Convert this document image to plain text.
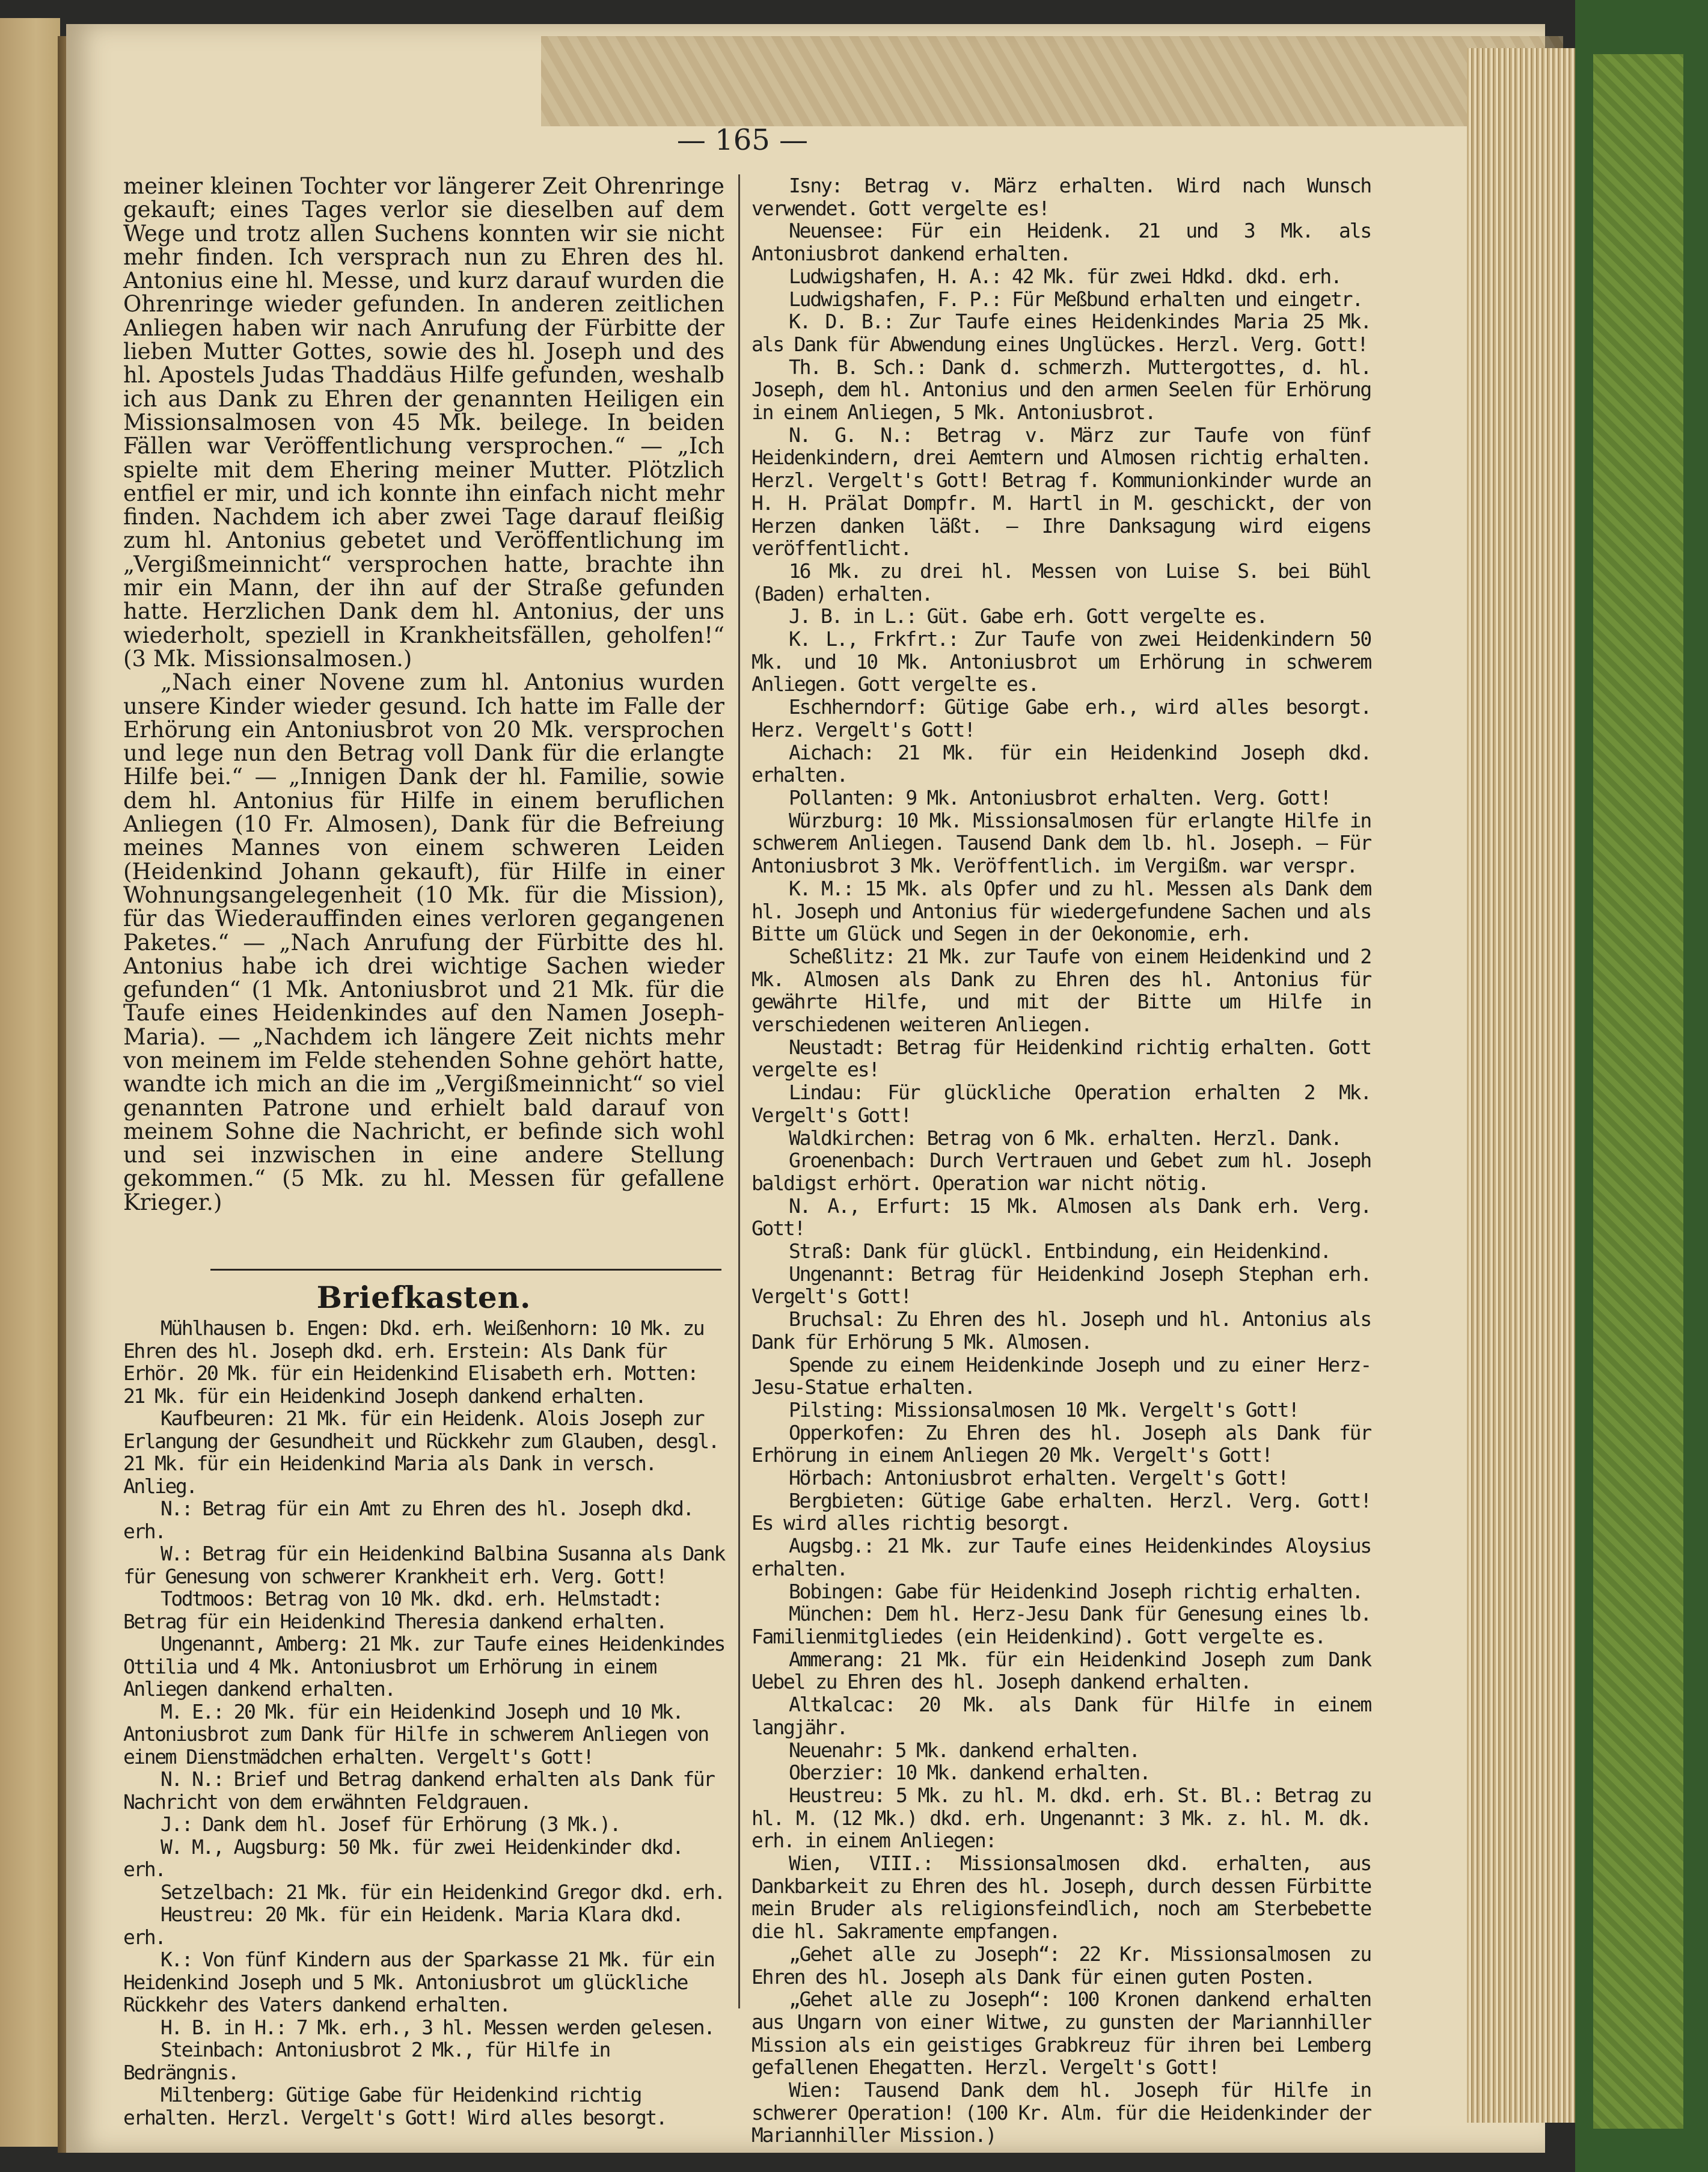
— 165 —

meiner kleinen Tochter vor längerer Zeit Ohrenringe gekauft; eines Tages verlor sie dieselben auf dem Wege und trotz allen Suchens konnten wir sie nicht mehr finden. Ich versprach nun zu Ehren des hl. Antonius eine hl. Messe, und kurz darauf wurden die Ohrenringe wieder gefunden. In anderen zeitlichen Anliegen haben wir nach Anrufung der Fürbitte der lieben Mutter Gottes, sowie des hl. Joseph und des hl. Apostels Judas Thaddäus Hilfe gefunden, weshalb ich aus Dank zu Ehren der genannten Heiligen ein Missionsalmosen von 45 Mk. beilege. In beiden Fällen war Veröffentlichung versprochen.“ — „Ich spielte mit dem Ehering meiner Mutter. Plötzlich entfiel er mir, und ich konnte ihn einfach nicht mehr finden. Nachdem ich aber zwei Tage darauf fleißig zum hl. Antonius gebetet und Veröffentlichung im „Vergißmeinnicht“ versprochen hatte, brachte ihn mir ein Mann, der ihn auf der Straße gefunden hatte. Herzlichen Dank dem hl. Antonius, der uns wiederholt, speziell in Krankheitsfällen, geholfen!“ (3 Mk. Missionsalmosen.)

„Nach einer Novene zum hl. Antonius wurden unsere Kinder wieder gesund. Ich hatte im Falle der Erhörung ein Antoniusbrot von 20 Mk. versprochen und lege nun den Betrag voll Dank für die erlangte Hilfe bei.“ — „Innigen Dank der hl. Familie, sowie dem hl. Antonius für Hilfe in einem beruflichen Anliegen (10 Fr. Almosen), Dank für die Befreiung meines Mannes von einem schweren Leiden (Heidenkind Johann gekauft), für Hilfe in einer Wohnungsangelegenheit (10 Mk. für die Mission), für das Wiederauffinden eines verloren gegangenen Paketes.“ — „Nach Anrufung der Fürbitte des hl. Antonius habe ich drei wichtige Sachen wieder gefunden“ (1 Mk. Antoniusbrot und 21 Mk. für die Taufe eines Heidenkindes auf den Namen Joseph-Maria). — „Nachdem ich längere Zeit nichts mehr von meinem im Felde stehenden Sohne gehört hatte, wandte ich mich an die im „Vergißmeinnicht“ so viel genannten Patrone und erhielt bald darauf von meinem Sohne die Nachricht, er befinde sich wohl und sei inzwischen in eine andere Stellung gekommen.“ (5 Mk. zu hl. Messen für gefallene Krieger.)

Briefkasten.

Mühlhausen b. Engen: Dkd. erh. Weißenhorn: 10 Mk. zu Ehren des hl. Joseph dkd. erh. Erstein: Als Dank für Erhör. 20 Mk. für ein Heidenkind Elisabeth erh. Motten: 21 Mk. für ein Heidenkind Joseph dankend erhalten.

Kaufbeuren: 21 Mk. für ein Heidenk. Alois Joseph zur Erlangung der Gesundheit und Rückkehr zum Glauben, desgl. 21 Mk. für ein Heidenkind Maria als Dank in versch. Anlieg.

N.: Betrag für ein Amt zu Ehren des hl. Joseph dkd. erh.

W.: Betrag für ein Heidenkind Balbina Susanna als Dank für Genesung von schwerer Krankheit erh. Verg. Gott!

Todtmoos: Betrag von 10 Mk. dkd. erh. Helmstadt: Betrag für ein Heidenkind Theresia dankend erhalten.

Ungenannt, Amberg: 21 Mk. zur Taufe eines Heidenkindes Ottilia und 4 Mk. Antoniusbrot um Erhörung in einem Anliegen dankend erhalten.

M. E.: 20 Mk. für ein Heidenkind Joseph und 10 Mk. Antoniusbrot zum Dank für Hilfe in schwerem Anliegen von einem Dienstmädchen erhalten. Vergelt's Gott!

N. N.: Brief und Betrag dankend erhalten als Dank für Nachricht von dem erwähnten Feldgrauen.

J.: Dank dem hl. Josef für Erhörung (3 Mk.).

W. M., Augsburg: 50 Mk. für zwei Heidenkinder dkd. erh.

Setzelbach: 21 Mk. für ein Heidenkind Gregor dkd. erh.

Heustreu: 20 Mk. für ein Heidenk. Maria Klara dkd. erh.

K.: Von fünf Kindern aus der Sparkasse 21 Mk. für ein Heidenkind Joseph und 5 Mk. Antoniusbrot um glückliche Rückkehr des Vaters dankend erhalten.

H. B. in H.: 7 Mk. erh., 3 hl. Messen werden gelesen.

Steinbach: Antoniusbrot 2 Mk., für Hilfe in Bedrängnis.

Miltenberg: Gütige Gabe für Heidenkind richtig erhalten. Herzl. Vergelt's Gott! Wird alles besorgt.

Isny: Betrag v. März erhalten. Wird nach Wunsch verwendet. Gott vergelte es!

Neuensee: Für ein Heidenk. 21 und 3 Mk. als Antoniusbrot dankend erhalten.

Ludwigshafen, H. A.: 42 Mk. für zwei Hdkd. dkd. erh.

Ludwigshafen, F. P.: Für Meßbund erhalten und eingetr.

K. D. B.: Zur Taufe eines Heidenkindes Maria 25 Mk. als Dank für Abwendung eines Unglückes. Herzl. Verg. Gott!

Th. B. Sch.: Dank d. schmerzh. Muttergottes, d. hl. Joseph, dem hl. Antonius und den armen Seelen für Erhörung in einem Anliegen, 5 Mk. Antoniusbrot.

N. G. N.: Betrag v. März zur Taufe von fünf Heidenkindern, drei Aemtern und Almosen richtig erhalten. Herzl. Vergelt's Gott! Betrag f. Kommunionkinder wurde an H. H. Prälat Dompfr. M. Hartl in M. geschickt, der von Herzen danken läßt. — Ihre Danksagung wird eigens veröffentlicht.

16 Mk. zu drei hl. Messen von Luise S. bei Bühl (Baden) erhalten.

J. B. in L.: Güt. Gabe erh. Gott vergelte es.

K. L., Frkfrt.: Zur Taufe von zwei Heidenkindern 50 Mk. und 10 Mk. Antoniusbrot um Erhörung in schwerem Anliegen. Gott vergelte es.

Eschherndorf: Gütige Gabe erh., wird alles besorgt. Herz. Vergelt's Gott!

Aichach: 21 Mk. für ein Heidenkind Joseph dkd. erhalten.

Pollanten: 9 Mk. Antoniusbrot erhalten. Verg. Gott!

Würzburg: 10 Mk. Missionsalmosen für erlangte Hilfe in schwerem Anliegen. Tausend Dank dem lb. hl. Joseph. — Für Antoniusbrot 3 Mk. Veröffentlich. im Vergißm. war verspr.

K. M.: 15 Mk. als Opfer und zu hl. Messen als Dank dem hl. Joseph und Antonius für wiedergefundene Sachen und als Bitte um Glück und Segen in der Oekonomie, erh.

Scheßlitz: 21 Mk. zur Taufe von einem Heidenkind und 2 Mk. Almosen als Dank zu Ehren des hl. Antonius für gewährte Hilfe, und mit der Bitte um Hilfe in verschiedenen weiteren Anliegen.

Neustadt: Betrag für Heidenkind richtig erhalten. Gott vergelte es!

Lindau: Für glückliche Operation erhalten 2 Mk. Vergelt's Gott!

Waldkirchen: Betrag von 6 Mk. erhalten. Herzl. Dank.

Groenenbach: Durch Vertrauen und Gebet zum hl. Joseph baldigst erhört. Operation war nicht nötig.

N. A., Erfurt: 15 Mk. Almosen als Dank erh. Verg. Gott!

Straß: Dank für glückl. Entbindung, ein Heidenkind.

Ungenannt: Betrag für Heidenkind Joseph Stephan erh. Vergelt's Gott!

Bruchsal: Zu Ehren des hl. Joseph und hl. Antonius als Dank für Erhörung 5 Mk. Almosen.

Spende zu einem Heidenkinde Joseph und zu einer Herz-Jesu-Statue erhalten.

Pilsting: Missionsalmosen 10 Mk. Vergelt's Gott!

Opperkofen: Zu Ehren des hl. Joseph als Dank für Erhörung in einem Anliegen 20 Mk. Vergelt's Gott!

Hörbach: Antoniusbrot erhalten. Vergelt's Gott!

Bergbieten: Gütige Gabe erhalten. Herzl. Verg. Gott! Es wird alles richtig besorgt.

Augsbg.: 21 Mk. zur Taufe eines Heidenkindes Aloysius erhalten.

Bobingen: Gabe für Heidenkind Joseph richtig erhalten.

München: Dem hl. Herz-Jesu Dank für Genesung eines lb. Familienmitgliedes (ein Heidenkind). Gott vergelte es.

Ammerang: 21 Mk. für ein Heidenkind Joseph zum Dank Uebel zu Ehren des hl. Joseph dankend erhalten.

Altkalcac: 20 Mk. als Dank für Hilfe in einem langjähr.

Neuenahr: 5 Mk. dankend erhalten.

Oberzier: 10 Mk. dankend erhalten.

Heustreu: 5 Mk. zu hl. M. dkd. erh. St. Bl.: Betrag zu hl. M. (12 Mk.) dkd. erh. Ungenannt: 3 Mk. z. hl. M. dk. erh. in einem Anliegen:

Wien, VIII.: Missionsalmosen dkd. erhalten, aus Dankbarkeit zu Ehren des hl. Joseph, durch dessen Fürbitte mein Bruder als religionsfeindlich, noch am Sterbebette die hl. Sakramente empfangen.

„Gehet alle zu Joseph“: 22 Kr. Missionsalmosen zu Ehren des hl. Joseph als Dank für einen guten Posten.

„Gehet alle zu Joseph“: 100 Kronen dankend erhalten aus Ungarn von einer Witwe, zu gunsten der Mariannhiller Mission als ein geistiges Grabkreuz für ihren bei Lemberg gefallenen Ehegatten. Herzl. Vergelt's Gott!

Wien: Tausend Dank dem hl. Joseph für Hilfe in schwerer Operation! (100 Kr. Alm. für die Heidenkinder der Mariannhiller Mission.)
